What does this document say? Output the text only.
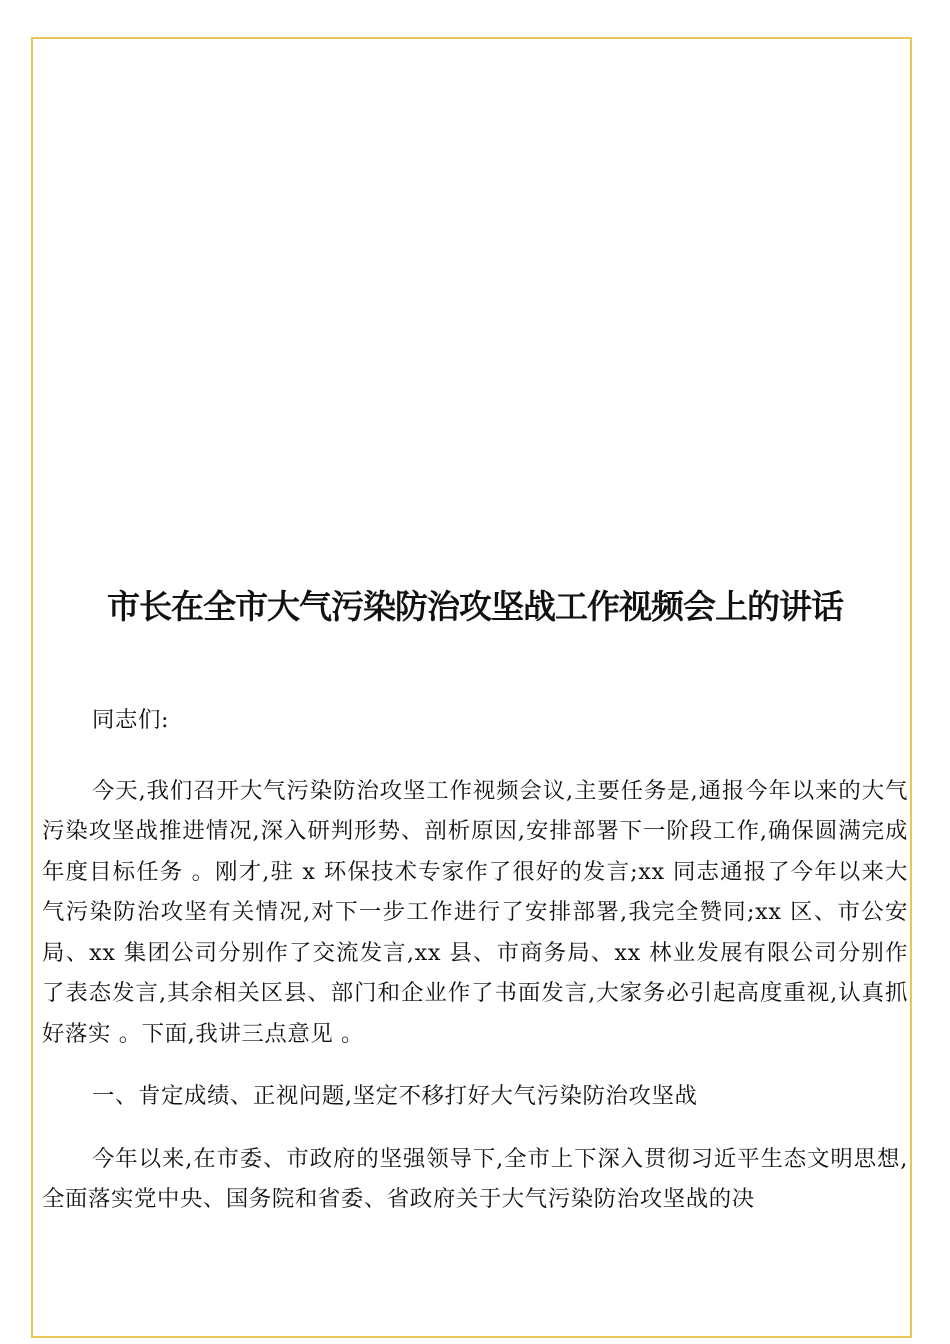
市长在全市大气污染防治攻坚战工作视频会上的讲话

同志们:

今天,我们召开大气污染防治攻坚工作视频会议,主要任务是,通报今年以来的大气污染攻坚战推进情况,深入研判形势、剖析原因,安排部署下一阶段工作,确保圆满完成年度目标任务 。刚才,驻 x 环保技术专家作了很好的发言;xx 同志通报了今年以来大气污染防治攻坚有关情况,对下一步工作进行了安排部署,我完全赞同;xx 区、市公安局、xx 集团公司分别作了交流发言,xx 县、市商务局、xx 林业发展有限公司分别作了表态发言,其余相关区县、部门和企业作了书面发言,大家务必引起高度重视,认真抓好落实 。下面,我讲三点意见 。

一、肯定成绩、正视问题,坚定不移打好大气污染防治攻坚战

今年以来,在市委、市政府的坚强领导下,全市上下深入贯彻习近平生态文明思想,全面落实党中央、国务院和省委、省政府关于大气污染防治攻坚战的决
